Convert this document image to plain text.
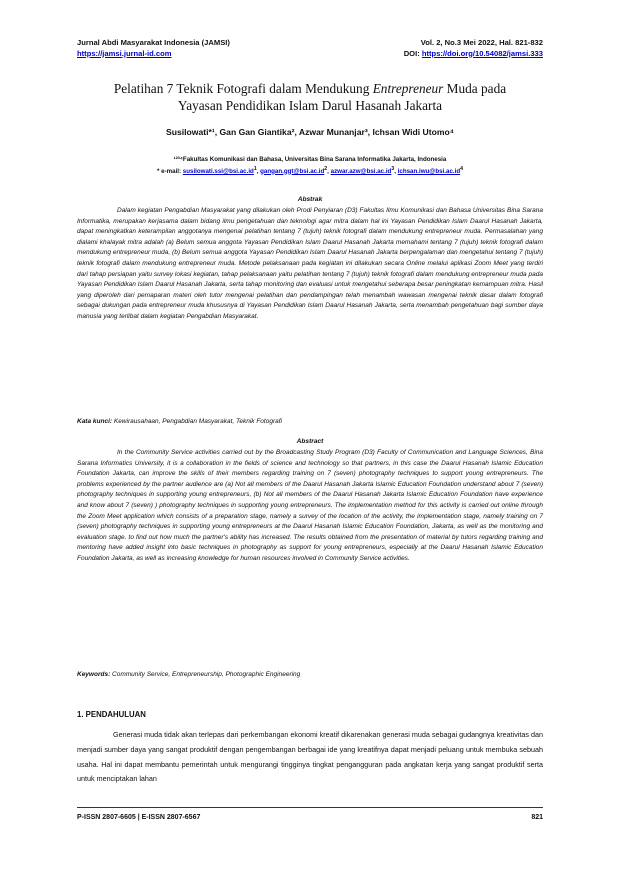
Jurnal Abdi Masyarakat Indonesia (JAMSI)	Vol. 2, No.3 Mei 2022, Hal. 821-832
https://jamsi.jurnal-id.com	DOI: https://doi.org/10.54082/jamsi.333
Pelatihan 7 Teknik Fotografi dalam Mendukung Entrepreneur Muda pada
Yayasan Pendidikan Islam Darul Hasanah Jakarta
Susilowati*¹, Gan Gan Giantika², Azwar Munanjar³, Ichsan Widi Utomo⁴
¹²³⁴Fakultas Komunikasi dan Bahasa, Universitas Bina Sarana Informatika Jakarta, Indonesia
* e-mail: $susilowati.ssi@bsi.ac.id^1$, $gangan.ggt@bsi.ac.id^2$, $azwar.azw@bsi.ac.id^3$, $ichsan.iwu@bsi.ac.id^4$
Abstrak
Dalam kegiatan Pengabdian Masyarakat yang dilakukan oleh Prodi Penyiaran (D3) Fakultas Ilmu Komunikasi dan Bahasa Universitas Bina Sarana Informatika, merupakan kerjasama dalam bidang ilmu pengetahuan dan teknologi agar mitra dalam hal ini Yayasan Pendidikan Islam Daarul Hasanah Jakarta, dapat meningkatkan keterampilan anggotanya mengenai pelatihan tentang 7 (tujuh) teknik fotografi dalam mendukung entrepreneur muda. Permasalahan yang dialami khalayak mitra adalah (a) Belum semua anggota Yayasan Pendidikan Islam Daarul Hasanah Jakarta memahami tentang 7 (tujuh) teknik fotografi dalam mendukung entrepreneur muda, (b) Belum semua anggota Yayasan Pendidikan Islam Daarul Hasanah Jakarta berpengalaman dan mengetahui tentang 7 (tujuh) teknik fotografi dalam mendukung entrepreneur muda. Metode pelaksanaan pada kegiatan ini dilakukan secara Online melalui aplikasi Zoom Meet yang terdiri dari tahap persiapan yaitu survey lokasi kegiatan, tahap pelaksanaan yaitu pelatihan tentang 7 (tujuh) teknik fotografi dalam mendukung entrepreneur muda pada Yayasan Pendidikan Islam Daarul Hasanah Jakarta, serta tahap monitoring dan evaluasi untuk mengetahui seberapa besar peningkatan kemampuan mitra. Hasil yang diperoleh dari pemaparan materi oleh tutor mengenai pelatihan dan pendampingan telah menambah wawasan mengenai teknik dasar dalam fotografi sebagai dukungan pada entrepreneur muda khususnya di Yayasan Pendidikan Islam Daarul Hasanah Jakarta, serta menambah pengetahuan bagi sumber daya manusia yang terlibat dalam kegiatan Pengabdian Masyarakat.
Kata kunci: Kewirausahaan, Pengabdian Masyarakat, Teknik Fotografi
Abstract
In the Community Service activities carried out by the Broadcasting Study Program (D3) Faculty of Communication and Language Sciences, Bina Sarana Informatics University, it is a collaboration in the fields of science and technology so that partners, in this case the Daarul Hasanah Islamic Education Foundation Jakarta, can improve the skills of their members regarding training on 7 (seven) photography techniques to support young entrepreneurs. The problems experienced by the partner audience are (a) Not all members of the Daarul Hasanah Jakarta Islamic Education Foundation understand about 7 (seven) photography techniques in supporting young entrepreneurs, (b) Not all members of the Daarul Hasanah Jakarta Islamic Education Foundation have experience and know about 7 (seven) ) photography techniques in supporting young entrepreneurs. The implementation method for this activity is carried out online through the Zoom Meet application which consists of a preparation stage, namely a survey of the location of the activity, the implementation stage, namely training on 7 (seven) photography techniques in supporting young entrepreneurs at the Daarul Hasanah Islamic Education Foundation, Jakarta, as well as the monitoring and evaluation stage. to find out how much the partner's ability has increased. The results obtained from the presentation of material by tutors regarding training and mentoring have added insight into basic techniques in photography as support for young entrepreneurs, especially at the Daarul Hasanah Islamic Education Foundation Jakarta, as well as increasing knowledge for human resources involved in Community Service activities.
Keywords: Community Service, Entrepreneurship, Photographic Engineering
1. PENDAHULUAN
Generasi muda tidak akan terlepas dari perkembangan ekonomi kreatif dikarenakan generasi muda sebagai gudangnya kreativitas dan menjadi sumber daya yang sangat produktif dengan pengembangan berbagai ide yang kreatifnya dapat menjadi peluang untuk membuka sebuah usaha. Hal ini dapat membantu pemerintah untuk mengurangi tingginya tingkat pengangguran pada angkatan kerja yang sangat produktif serta untuk menciptakan lahan
P-ISSN 2807-6605 | E-ISSN 2807-6567	821
